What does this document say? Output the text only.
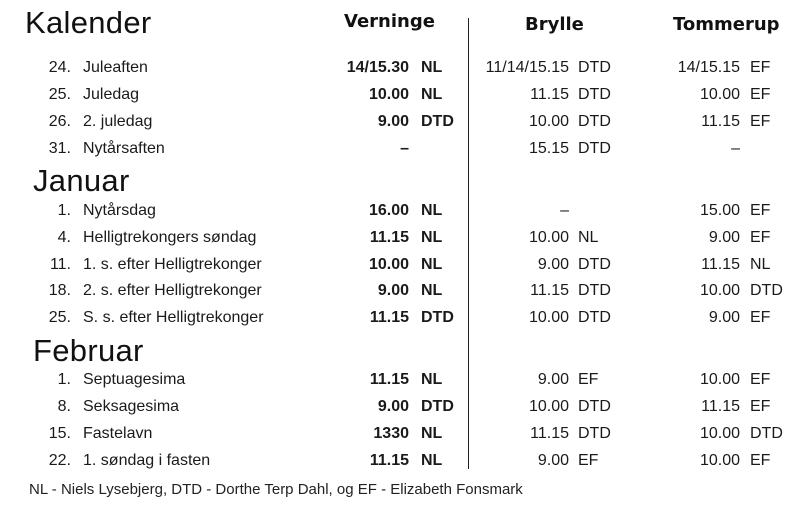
Kalender	Verninge	Brylle	Tommerup
Januar
Februar
24. Juleaften	14/15.30 NL	11/14/15.15 DTD	14/15.15 EF
25. Juledag	10.00 NL	11.15 DTD	10.00 EF
26. 2. juledag	9.00 DTD	10.00 DTD	11.15 EF
31. Nytårsaften	–	15.15 DTD	–
1. Nytårsdag	16.00 NL	–	15.00 EF
4. Helligtrekongers søndag	11.15 NL	10.00 NL	9.00 EF
11. 1. s. efter Helligtrekonger	10.00 NL	9.00 DTD	11.15 NL
18. 2. s. efter Helligtrekonger	9.00 NL	11.15 DTD	10.00 DTD
25. S. s. efter Helligtrekonger	11.15 DTD	10.00 DTD	9.00 EF
1. Septuagesima	11.15 NL	9.00 EF	10.00 EF
8. Seksagesima	9.00 DTD	10.00 DTD	11.15 EF
15. Fastelavn	1330 NL	11.15 DTD	10.00 DTD
22. 1. søndag i fasten	11.15 NL	9.00 EF	10.00 EF
NL - Niels Lysebjerg, DTD - Dorthe Terp Dahl, og EF - Elizabeth Fonsmark
